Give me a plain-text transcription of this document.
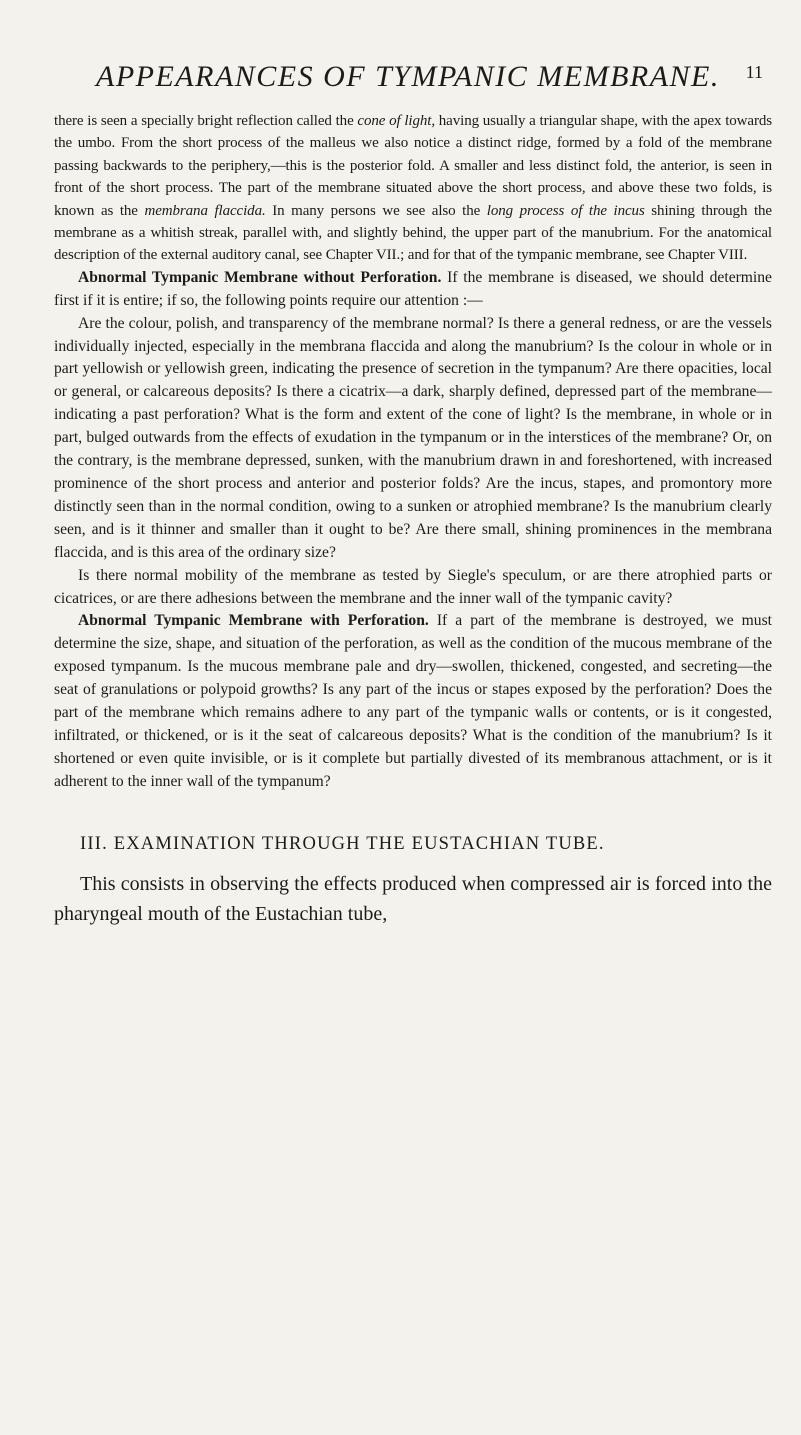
APPEARANCES OF TYMPANIC MEMBRANE. 11

there is seen a specially bright reflection called the cone of light, having usually a triangular shape, with the apex towards the umbo. From the short process of the malleus we also notice a distinct ridge, formed by a fold of the membrane passing backwards to the periphery,—this is the posterior fold. A smaller and less distinct fold, the anterior, is seen in front of the short process. The part of the membrane situated above the short process, and above these two folds, is known as the membrana flaccida. In many persons we see also the long process of the incus shining through the membrane as a whitish streak, parallel with, and slightly behind, the upper part of the manubrium. For the anatomical description of the external auditory canal, see Chapter VII.; and for that of the tympanic membrane, see Chapter VIII.

Abnormal Tympanic Membrane without Perforation. If the membrane is diseased, we should determine first if it is entire; if so, the following points require our attention :—

Are the colour, polish, and transparency of the membrane normal? Is there a general redness, or are the vessels individually injected, especially in the membrana flaccida and along the manubrium? Is the colour in whole or in part yellowish or yellowish green, indicating the presence of secretion in the tympanum? Are there opacities, local or general, or calcareous deposits? Is there a cicatrix—a dark, sharply defined, depressed part of the membrane—indicating a past perforation? What is the form and extent of the cone of light? Is the membrane, in whole or in part, bulged outwards from the effects of exudation in the tympanum or in the interstices of the membrane? Or, on the contrary, is the membrane depressed, sunken, with the manubrium drawn in and foreshortened, with increased prominence of the short process and anterior and posterior folds? Are the incus, stapes, and promontory more distinctly seen than in the normal condition, owing to a sunken or atrophied membrane? Is the manubrium clearly seen, and is it thinner and smaller than it ought to be? Are there small, shining prominences in the membrana flaccida, and is this area of the ordinary size?

Is there normal mobility of the membrane as tested by Siegle's speculum, or are there atrophied parts or cicatrices, or are there adhesions between the membrane and the inner wall of the tympanic cavity?

Abnormal Tympanic Membrane with Perforation. If a part of the membrane is destroyed, we must determine the size, shape, and situation of the perforation, as well as the condition of the mucous membrane of the exposed tympanum. Is the mucous membrane pale and dry—swollen, thickened, congested, and secreting—the seat of granulations or polypoid growths? Is any part of the incus or stapes exposed by the perforation? Does the part of the membrane which remains adhere to any part of the tympanic walls or contents, or is it congested, infiltrated, or thickened, or is it the seat of calcareous deposits? What is the condition of the manubrium? Is it shortened or even quite invisible, or is it complete but partially divested of its membranous attachment, or is it adherent to the inner wall of the tympanum?

III. EXAMINATION THROUGH THE EUSTACHIAN TUBE.

This consists in observing the effects produced when compressed air is forced into the pharyngeal mouth of the Eustachian tube,
